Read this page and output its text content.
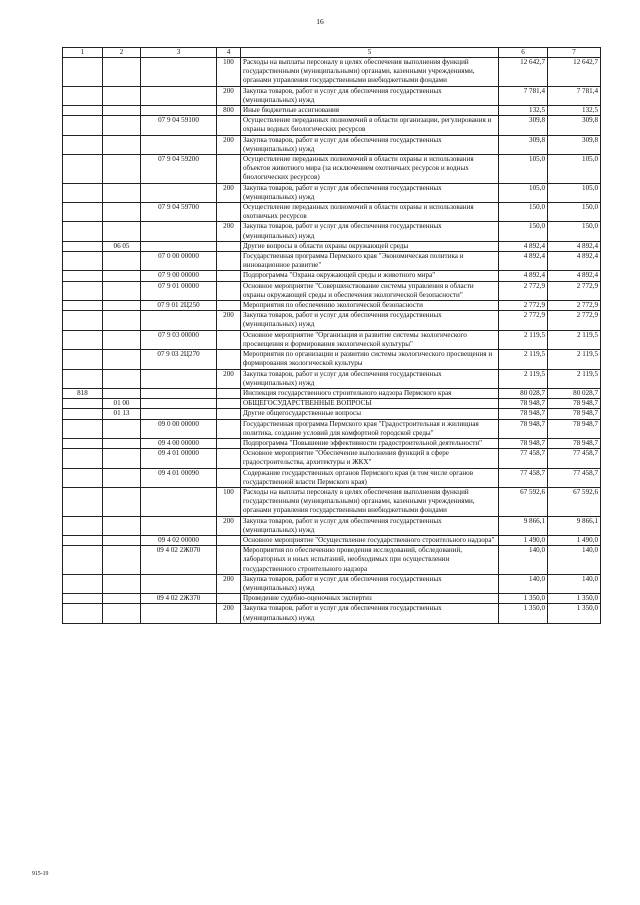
16
1	2	3	4	5	6	7
			100	Расходы на выплаты персоналу в целях обеспечения выполнения функций государственными (муниципальными) органами, казенными учреждениями, органами управления государственными внебюджетными фондами	12 642,7	12 642,7
			200	Закупка товаров, работ и услуг для обеспечения государственных (муниципальных) нужд	7 781,4	7 781,4
			800	Иные бюджетные ассигнования	132,5	132,5
		07 9 04 59100		Осуществление переданных полномочий в области организации, регулирования и охраны водных биологических ресурсов	309,8	309,8
			200	Закупка товаров, работ и услуг для обеспечения государственных (муниципальных) нужд	309,8	309,8
		07 9 04 59200		Осуществление переданных полномочий в области охраны и использования объектов животного мира (за исключением охотничьих ресурсов и водных биологических ресурсов)	105,0	105,0
			200	Закупка товаров, работ и услуг для обеспечения государственных (муниципальных) нужд	105,0	105,0
		07 9 04 59700		Осуществление переданных полномочий в области охраны и использования охотничьих ресурсов	150,0	150,0
			200	Закупка товаров, работ и услуг для обеспечения государственных (муниципальных) нужд	150,0	150,0
	06 05			Другие вопросы в области охраны окружающей среды	4 892,4	4 892,4
		07 0 00 00000		Государственная программа Пермского края "Экономическая политика и инновационное развитие"	4 892,4	4 892,4
		07 9 00 00000		Подпрограмма "Охрана окружающей среды и животного мира"	4 892,4	4 892,4
		07 9 01 00000		Основное мероприятие "Совершенствование системы управления в области охраны окружающей среды и обеспечения экологической безопасности"	2 772,9	2 772,9
		07 9 01 2Ц250		Мероприятия по обеспечению экологической безопасности	2 772,9	2 772,9
			200	Закупка товаров, работ и услуг для обеспечения государственных (муниципальных) нужд	2 772,9	2 772,9
		07 9 03 00000		Основное мероприятие "Организация и развитие системы экологического просвещения и формирования экологической культуры"	2 119,5	2 119,5
		07 9 03 2Ц270		Мероприятия по организации и развитию системы экологического просвещения и формирования экологической культуры	2 119,5	2 119,5
			200	Закупка товаров, работ и услуг для обеспечения государственных (муниципальных) нужд	2 119,5	2 119,5
818				Инспекция государственного строительного надзора Пермского края	80 028,7	80 028,7
	01 00			ОБЩЕГОСУДАРСТВЕННЫЕ ВОПРОСЫ	78 948,7	78 948,7
	01 13			Другие общегосударственные вопросы	78 948,7	78 948,7
		09 0 00 00000		Государственная программа Пермского края "Градостроительная и жилищная политика, создание условий для комфортной городской среды"	78 948,7	78 948,7
		09 4 00 00000		Подпрограмма "Повышение эффективности градостроительной деятельности"	78 948,7	78 948,7
		09 4 01 00000		Основное мероприятие "Обеспечение выполнения функций в сфере градостроительства, архитектуры и ЖКХ"	77 458,7	77 458,7
		09 4 01 00090		Содержание государственных органов Пермского края (в том числе органов государственной власти Пермского края)	77 458,7	77 458,7
			100	Расходы на выплаты персоналу в целях обеспечения выполнения функций государственными (муниципальными) органами, казенными учреждениями, органами управления государственными внебюджетными фондами	67 592,6	67 592,6
			200	Закупка товаров, работ и услуг для обеспечения государственных (муниципальных) нужд	9 866,1	9 866,1
		09 4 02 00000		Основное мероприятие "Осуществление государственного строительного надзора"	1 490,0	1 490,0
		09 4 02 2Ж070		Мероприятия по обеспечению проведения исследований, обследований, лабораторных и иных испытаний, необходимых при осуществлении государственного строительного надзора	140,0	140,0
			200	Закупка товаров, работ и услуг для обеспечения государственных (муниципальных) нужд	140,0	140,0
		09 4 02 2Ж370		Проведение судебно-оценочных экспертиз	1 350,0	1 350,0
			200	Закупка товаров, работ и услуг для обеспечения государственных (муниципальных) нужд	1 350,0	1 350,0
915-19
